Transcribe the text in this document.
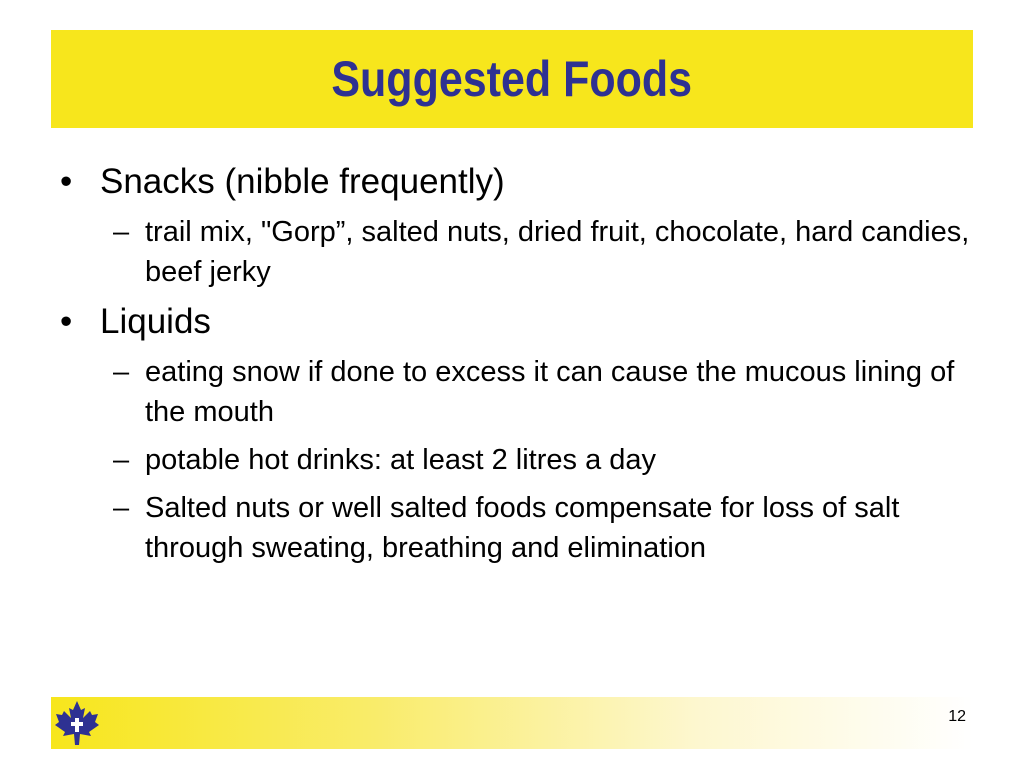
Suggested Foods
• Snacks (nibble frequently)
– trail mix, "Gorp”, salted nuts, dried fruit, chocolate, hard candies, beef jerky
• Liquids
– eating snow if done to excess it can cause the mucous lining of the mouth
– potable hot drinks: at least 2 litres a day
– Salted nuts or well salted foods compensate for loss of salt through sweating, breathing and elimination
12
